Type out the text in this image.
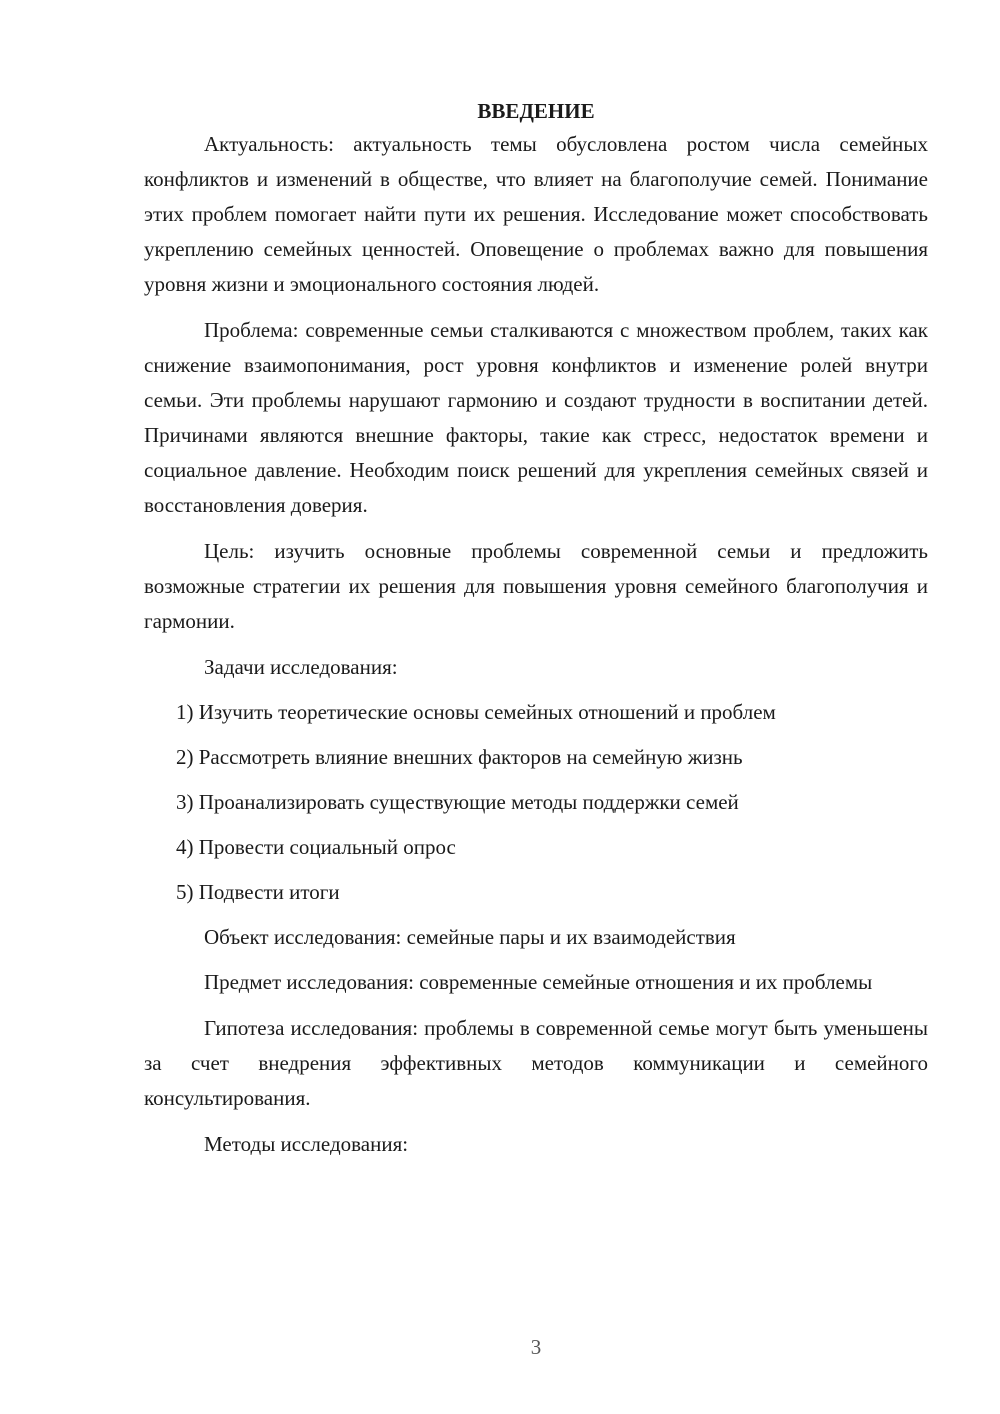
ВВЕДЕНИЕ

Актуальность: актуальность темы обусловлена ростом числа семейных конфликтов и изменений в обществе, что влияет на благополучие семей. Понимание этих проблем помогает найти пути их решения. Исследование может способствовать укреплению семейных ценностей. Оповещение о проблемах важно для повышения уровня жизни и эмоционального состояния людей.

Проблема: современные семьи сталкиваются с множеством проблем, таких как снижение взаимопонимания, рост уровня конфликтов и изменение ролей внутри семьи. Эти проблемы нарушают гармонию и создают трудности в воспитании детей. Причинами являются внешние факторы, такие как стресс, недостаток времени и социальное давление. Необходим поиск решений для укрепления семейных связей и восстановления доверия.

Цель: изучить основные проблемы современной семьи и предложить возможные стратегии их решения для повышения уровня семейного благополучия и гармонии.

Задачи исследования:
1) Изучить теоретические основы семейных отношений и проблем
2) Рассмотреть влияние внешних факторов на семейную жизнь
3) Проанализировать существующие методы поддержки семей
4) Провести социальный опрос
5) Подвести итоги
Объект исследования: семейные пары и их взаимодействия

Предмет исследования: современные семейные отношения и их проблемы

Гипотеза исследования: проблемы в современной семье могут быть уменьшены за счет внедрения эффективных методов коммуникации и семейного консультирования.

Методы исследования:
3
